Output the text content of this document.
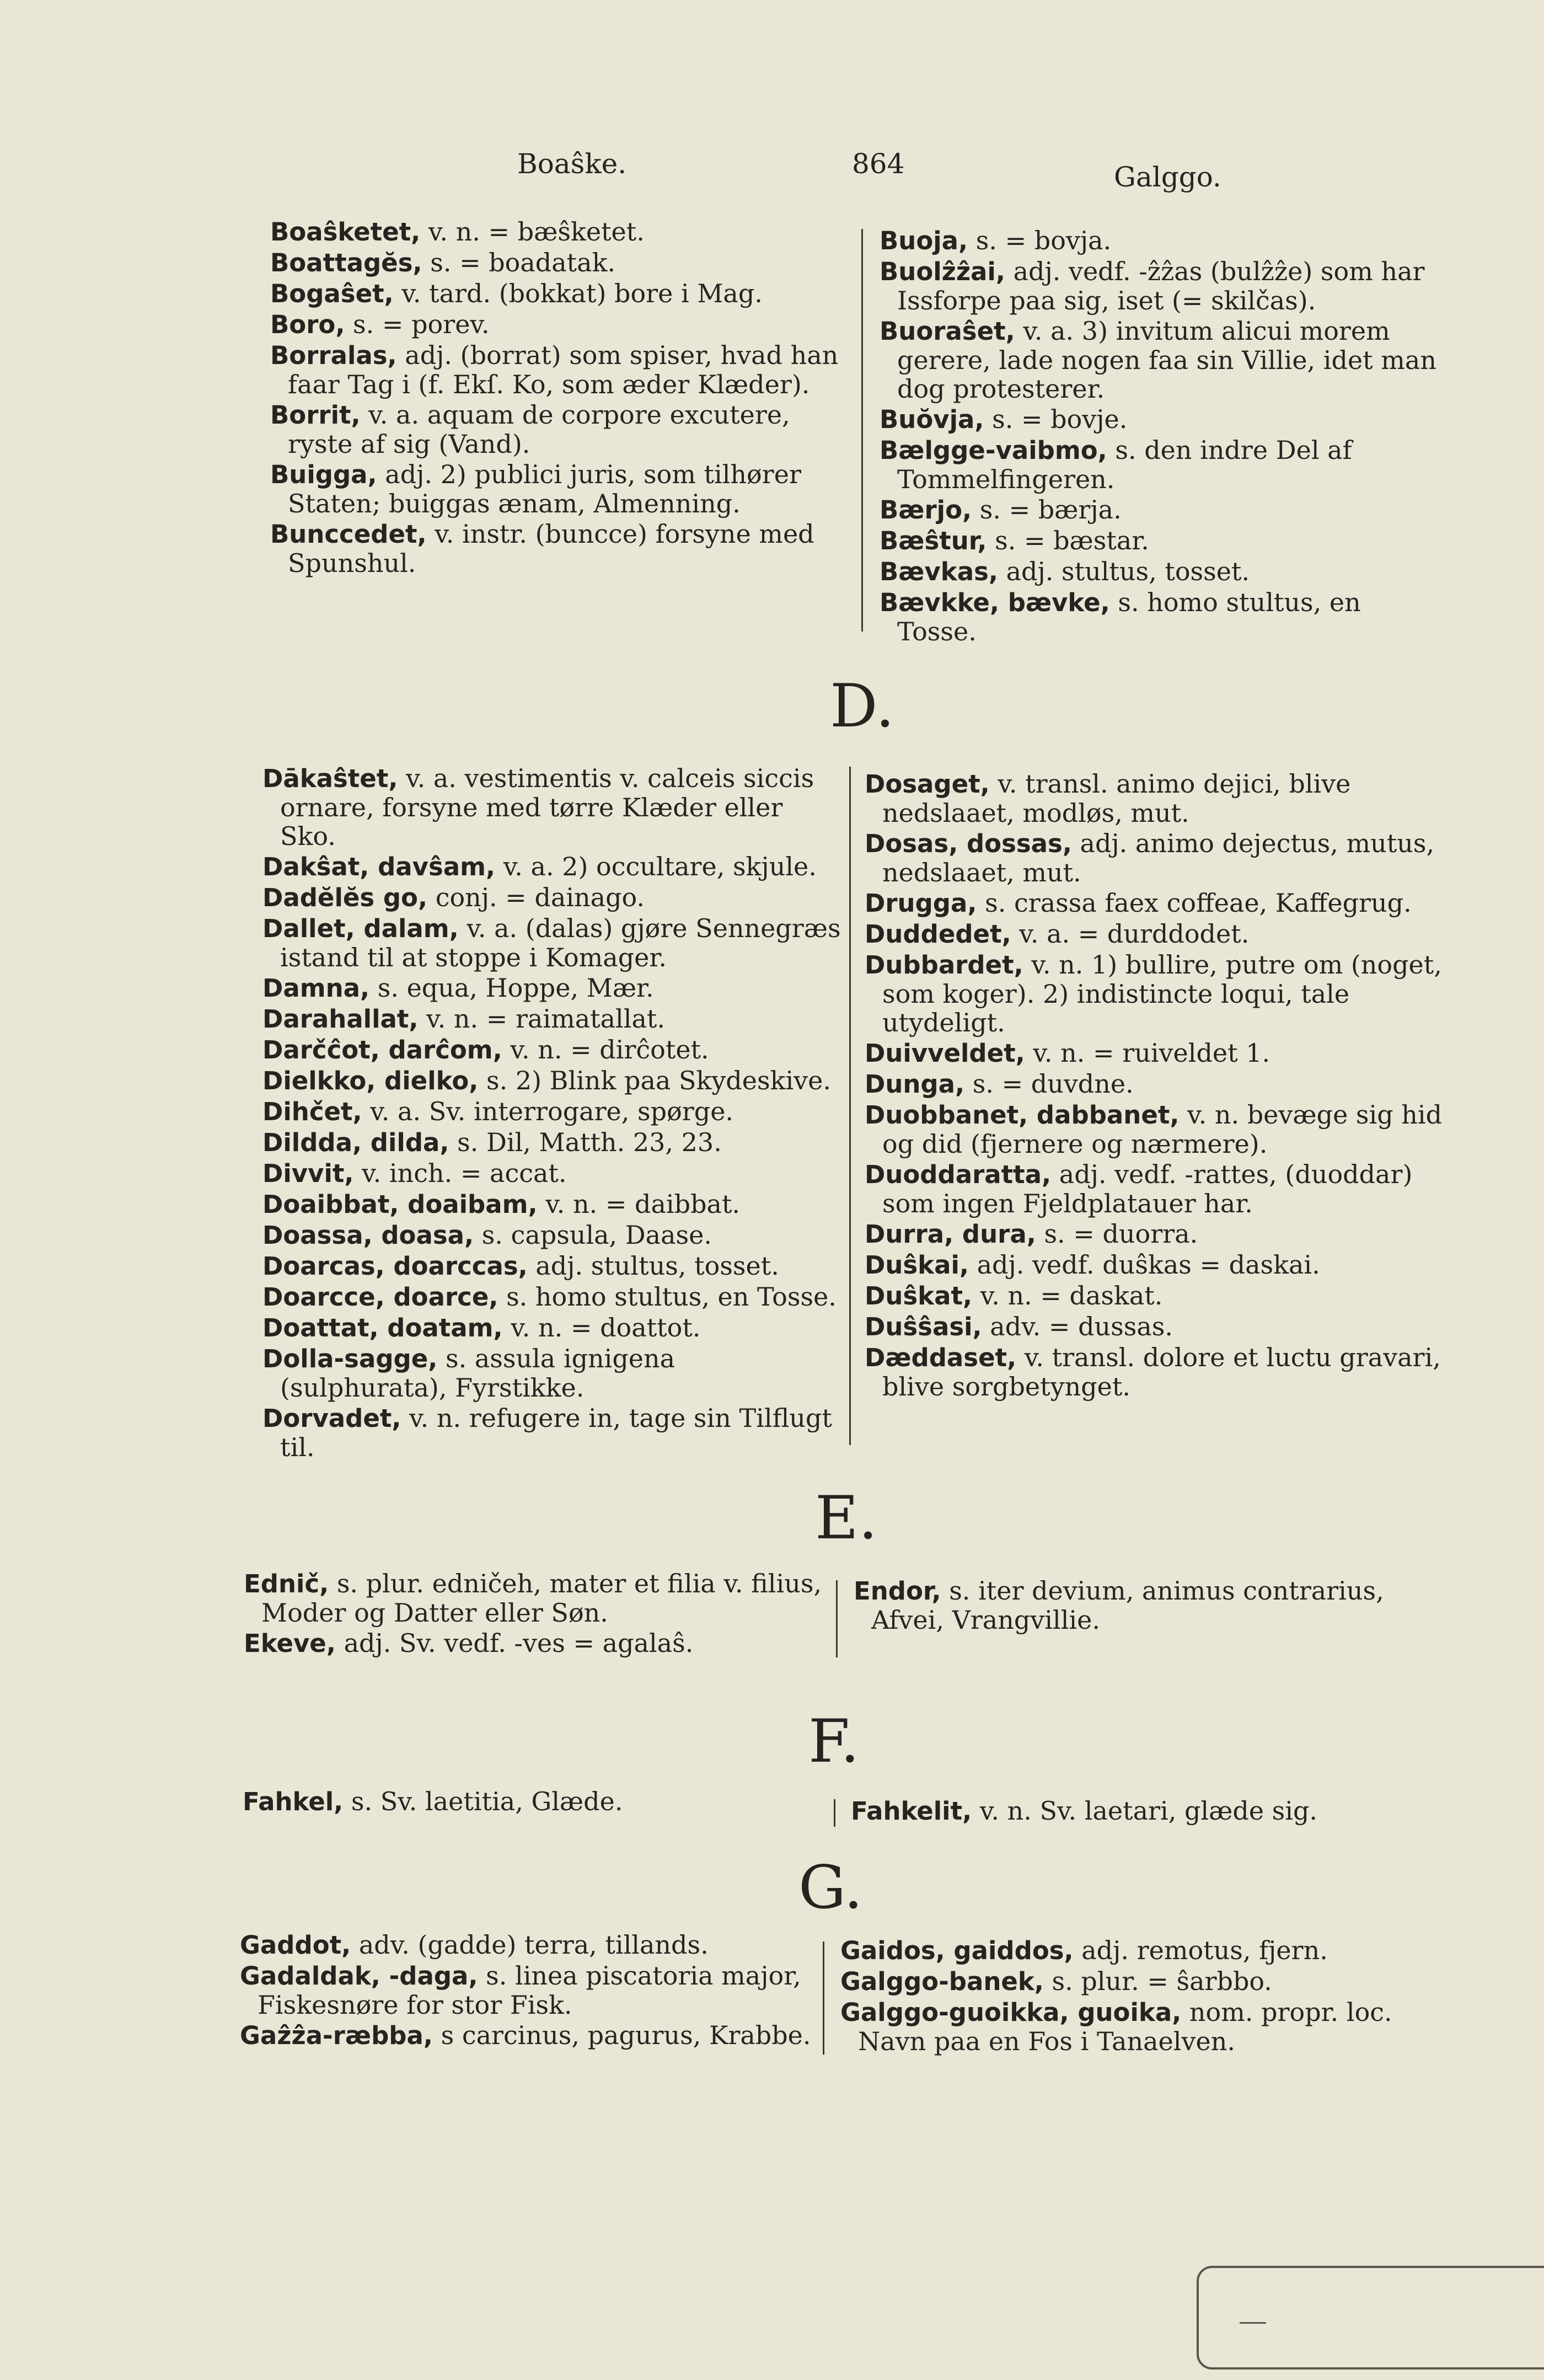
Boaŝke.	864	Galggo.
Boaŝketet, v. n. = bæŝketet.
Boattagĕs, s. = boadatak.
Bogaŝet, v. tard. (bokkat) bore i Mag.
Boro, s. = porev.
Borralas, adj. (borrat) som spiser, hvad han faar Tag i (f. Ekſ. Ko, som æder Klæder).
Borrit, v. a. aquam de corpore excutere, ryste af sig (Vand).
Buigga, adj. 2) publici juris, som tilhører Staten; buiggas ænam, Almenning.
Bunccedet, v. instr. (buncce) forsyne med Spunshul.
Buoja, s. = bovja.
Buolẑẑai, adj. vedf. -ẑẑas (bulẑẑe) som har Issforpe paa sig, iset (= skilčas).
Buoraŝet, v. a. 3) invitum alicui morem gerere, lade nogen faa sin Villie, idet man dog protesterer.
Buŏvja, s. = bovje.
Bælgge-vaibmo, s. den indre Del af Tommelfingeren.
Bærjo, s. = bærja.
Bæŝtur, s. = bæstar.
Bævkas, adj. stultus, tosset.
Bævkke, bævke, s. homo stultus, en Tosse.
D.
Dākaŝtet, v. a. vestimentis v. calceis siccis ornare, forsyne med tørre Klæder eller Sko.
Dakŝat, davŝam, v. a. 2) occultare, skjule.
Dadĕlĕs go, conj. = dainago.
Dallet, dalam, v. a. (dalas) gjøre Sennegræs istand til at stoppe i Komager.
Damna, s. equa, Hoppe, Mær.
Darahallat, v. n. = raimatallat.
Darčĉot, darĉom, v. n. = dirĉotet.
Dielkko, dielko, s. 2) Blink paa Skydeskive.
Dihčet, v. a. Sv. interrogare, spørge.
Dildda, dilda, s. Dil, Matth. 23, 23.
Divvit, v. inch. = accat.
Doaibbat, doaibam, v. n. = daibbat.
Doassa, doasa, s. capsula, Daase.
Doarcas, doarccas, adj. stultus, tosset.
Doarcce, doarce, s. homo stultus, en Tosse.
Doattat, doatam, v. n. = doattot.
Dolla-sagge, s. assula ignigena (sulphurata), Fyrstikke.
Dorvadet, v. n. refugere in, tage sin Tilflugt til.
Dosaget, v. transl. animo dejici, blive nedslaaet, modløs, mut.
Dosas, dossas, adj. animo dejectus, mutus, nedslaaet, mut.
Drugga, s. crassa faex coffeae, Kaffegrug.
Duddedet, v. a. = durddodet.
Dubbardet, v. n. 1) bullire, putre om (noget, som koger). 2) indistincte loqui, tale utydeligt.
Duivveldet, v. n. = ruiveldet 1.
Dunga, s. = duvdne.
Duobbanet, dabbanet, v. n. bevæge sig hid og did (fjernere og nærmere).
Duoddaratta, adj. vedf. -rattes, (duoddar) som ingen Fjeldplatauer har.
Durra, dura, s. = duorra.
Duŝkai, adj. vedf. duŝkas = daskai.
Duŝkat, v. n. = daskat.
Duŝŝasi, adv. = dussas.
Dæddaset, v. transl. dolore et luctu gravari, blive sorgbetynget.
E.
Ednič, s. plur. edničeh, mater et filia v. filius, Moder og Datter eller Søn.
Ekeve, adj. Sv. vedf. -ves = agalaŝ.
Endor, s. iter devium, animus contrarius, Afvei, Vrangvillie.
F.
Fahkel, s. Sv. laetitia, Glæde.	Fahkelit, v. n. Sv. laetari, glæde sig.
G.
Gaddot, adv. (gadde) terra, tillands.
Gadaldak, -daga, s. linea piscatoria major, Fiskesnøre for stor Fisk.
Gaẑẑa-ræbba, s carcinus, pagurus, Krabbe.
Gaidos, gaiddos, adj. remotus, fjern.
Galggo-banek, s. plur. = ŝarbbo.
Galggo-guoikka, guoika, nom. propr. loc. Navn paa en Fos i Tanaelven.
